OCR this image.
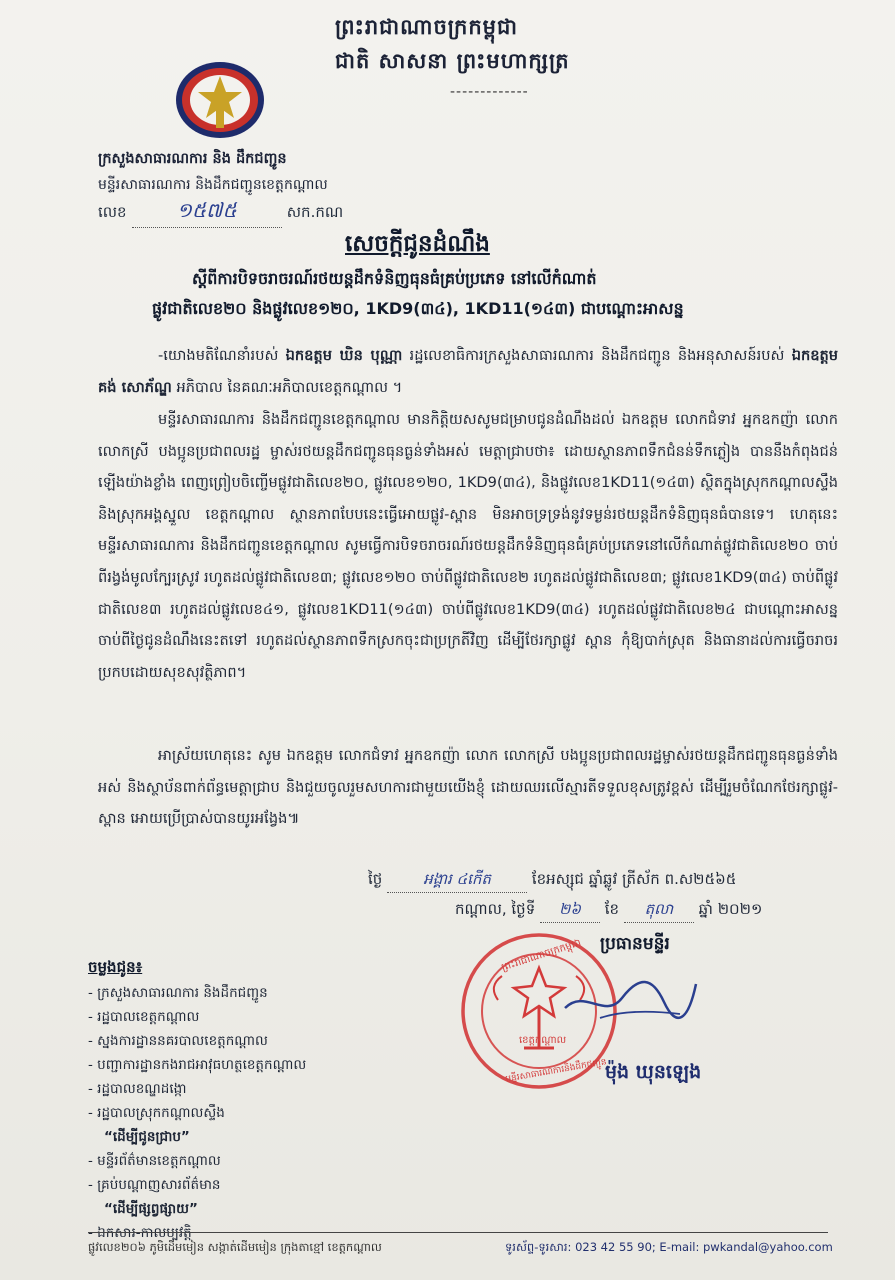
ព្រះរាជាណាចក្រកម្ពុជា
ជាតិ សាសនា ព្រះមហាក្សត្រ
-------------
ក្រសួងសាធារណការ និង ដឹកជញ្ជូន
មន្ទីរសាធារណការ និងដឹកជញ្ជូនខេត្តកណ្ដាល
លេខ	១៥៧៥	សក.កណ
សេចក្ដីជូនដំណឹង
ស្ដីពីការបិទចរាចរណ៍រថយន្តដឹកទំនិញធុនធំគ្រប់ប្រភេទ នៅលើកំណាត់
ផ្លូវជាតិលេខ២០ និងផ្លូវលេខ១២០, 1KD9(៣៤), 1KD11(១៤៣) ជាបណ្ដោះអាសន្ន
-យោងមតិណែនាំរបស់ ឯកឧត្តម ឃិន បុណ្ណា រដ្ឋលេខាធិការក្រសួងសាធារណការ និងដឹកជញ្ជូន និងអនុសាសន៍របស់ ឯកឧត្តម គង់ សោភ័ណ្ឌ អភិបាល នៃគណៈអភិបាលខេត្តកណ្ដាល ។
មន្ទីរសាធារណការ និងដឹកជញ្ជូនខេត្តកណ្ដាល មានកិត្តិយសសូមជម្រាបជូនដំណឹងដល់ ឯកឧត្តម លោកជំទាវ អ្នកឧកញ៉ា លោក លោកស្រី បងប្អូនប្រជាពលរដ្ឋ ម្ចាស់រថយន្តដឹកជញ្ជូនធុនធ្ងន់ទាំងអស់ មេត្តាជ្រាបថា៖ ដោយស្ថានភាពទឹកជំនន់ទឹកភ្លៀង បាននឹងកំពុងជន់ឡើងយ៉ាងខ្លាំង ពេញព្រៀបចិញ្ចើមផ្លូវជាតិលេខ២០, ផ្លូវលេខ១២០, 1KD9(៣៤), និងផ្លូវលេខ1KD11(១៤៣) ស្ថិតក្នុងស្រុកកណ្ដាលស្ទឹង និងស្រុកអង្គស្នួល ខេត្តកណ្ដាល ស្ថានភាពបែបនេះធ្វើអោយផ្លូវ-ស្ពាន មិនអាចទ្រទ្រង់នូវទម្ងន់រថយន្តដឹកទំនិញធុនធំបានទេ។ ហេតុនេះ មន្ទីរសាធារណការ និងដឹកជញ្ជូនខេត្តកណ្ដាល សូមធ្វើការបិទចរាចរណ៍រថយន្តដឹកទំនិញធុនធំគ្រប់ប្រភេទនៅលើកំណាត់ផ្លូវជាតិលេខ២០ ចាប់ពីរង្វង់មូលក្បែរស្រូវ រហូតដល់ផ្លូវជាតិលេខ៣; ផ្លូវលេខ១២០ ចាប់ពីផ្លូវជាតិលេខ២ រហូតដល់ផ្លូវជាតិលេខ៣; ផ្លូវលេខ1KD9(៣៤) ចាប់ពីផ្លូវជាតិលេខ៣ រហូតដល់ផ្លូវលេខ៤១, ផ្លូវលេខ1KD11(១៤៣) ចាប់ពីផ្លូវលេខ1KD9(៣៤) រហូតដល់ផ្លូវជាតិលេខ២៤ ជាបណ្ដោះអាសន្ន ចាប់ពីថ្ងៃជូនដំណឹងនេះតទៅ រហូតដល់ស្ថានភាពទឹកស្រកចុះជាប្រក្រតីវិញ ដើម្បីថែរក្សាផ្លូវ ស្ពាន កុំឱ្យបាក់ស្រុត និងធានាដល់ការធ្វើចរាចរប្រកបដោយសុខសុវត្ថិភាព។
អាស្រ័យហេតុនេះ សូម ឯកឧត្តម លោកជំទាវ អ្នកឧកញ៉ា លោក លោកស្រី បងប្អូនប្រជាពលរដ្ឋម្ចាស់រថយន្តដឹកជញ្ជូនធុនធ្ងន់ទាំងអស់ និងស្ថាប័នពាក់ព័ន្ធមេត្តាជ្រាប និងជួយចូលរួមសហការជាមួយយើងខ្ញុំ ដោយឈរលើស្មារតីទទួលខុសត្រូវខ្ពស់ ដើម្បីរួមចំណែកថែរក្សាផ្លូវ-ស្ពាន អោយប្រើប្រាស់បានយូរអង្វែង៕
ថ្ងៃ	អង្គារ ៤កើត	ខែអស្សុជ ឆ្នាំឆ្លូវ ត្រីស័ក ព.ស២៥៦៥
កណ្ដាល, ថ្ងៃទី ២៦ ខែ តុលា ឆ្នាំ ២០២១
ប្រធានមន្ទីរ
ព្រះរាជាណាចក្រកម្ពុជា
មន្ទីរសាធារណការនិងដឹកជញ្ជូន
ខេត្តកណ្ដាល
ម៉ុង ឃុនឡេង
ចម្លងជូន៖
- ក្រសួងសាធារណការ និងដឹកជញ្ជូន
- រដ្ឋបាលខេត្តកណ្ដាល
- ស្នងការដ្ឋាននគរបាលខេត្តកណ្ដាល
- បញ្ជាការដ្ឋានកងរាជអាវុធហត្ថខេត្តកណ្ដាល
- រដ្ឋបាលខណ្ឌដង្កោ
- រដ្ឋបាលស្រុកកណ្ដាលស្ទឹង
“ដើម្បីជូនជ្រាប”
- មន្ទីរព័ត៌មានខេត្តកណ្ដាល
- គ្រប់បណ្ដាញសារព័ត៌មាន
“ដើម្បីផ្សព្វផ្សាយ”
- ឯកសារ-កាលប្បវត្តិ
ផ្លូវលេខ២០៦ ភូមិដើមមៀន សង្កាត់ដើមមៀន ក្រុងតាខ្មៅ ខេត្តកណ្ដាល	ទូរស័ព្ទ-ទូរសារ: 023 42 55 90; E-mail: pwkandal@yahoo.com
